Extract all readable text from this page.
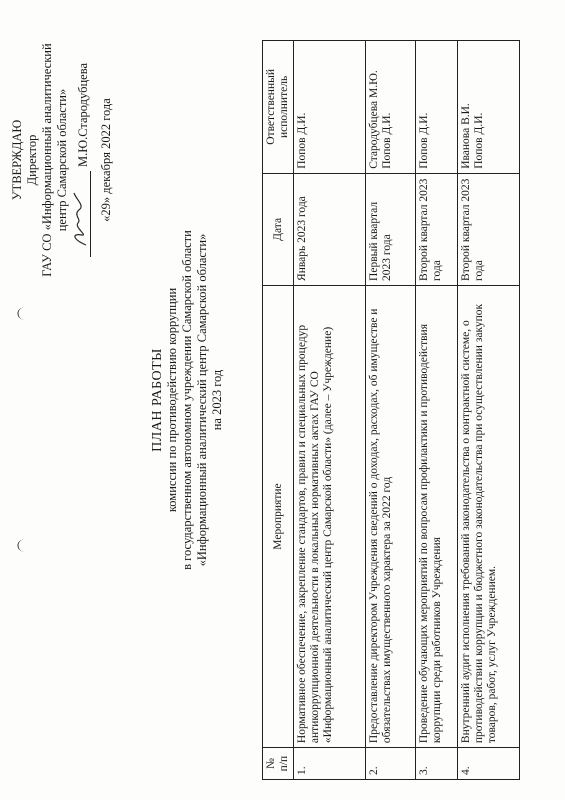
УТВЕРЖДАЮ Директор ГАУ СО «Информационный аналитический центр Самарской области» М.Ю.Стародубцева «29» декабря 2022 года
ПЛАН РАБОТЫ комиссии по противодействию коррупции в государственном автономном учреждении Самарской области «Информационный аналитический центр Самарской области» на 2023 год
№ п/п	Мероприятие	Дата	Ответственный исполнитель

1.	Нормативное обеспечение, закрепление стандартов, правил и специальных процедур антикоррупционной деятельности в локальных нормативных актах ГАУ СО «Информационный аналитический центр Самарской области» (далее – Учреждение)	Январь 2023 года	Попов Д.И.

2.	Предоставление директором Учреждения сведений о доходах, расходах, об имуществе и обязательствах имущественного характера за 2022 год	Первый квартал 2023 года	Стародубцева М.Ю. Попов Д.И.

3.	Проведение обучающих мероприятий по вопросам профилактики и противодействия коррупции среди работников Учреждения	Второй квартал 2023 года	Попов Д.И.

4.	Внутренний аудит исполнения требований законодательства о контрактной системе, о противодействии коррупции и бюджетного законодательства при осуществлении закупок товаров, работ, услуг Учреждением.	Второй квартал 2023 года	Иванова В.И. Попов Д.И.
